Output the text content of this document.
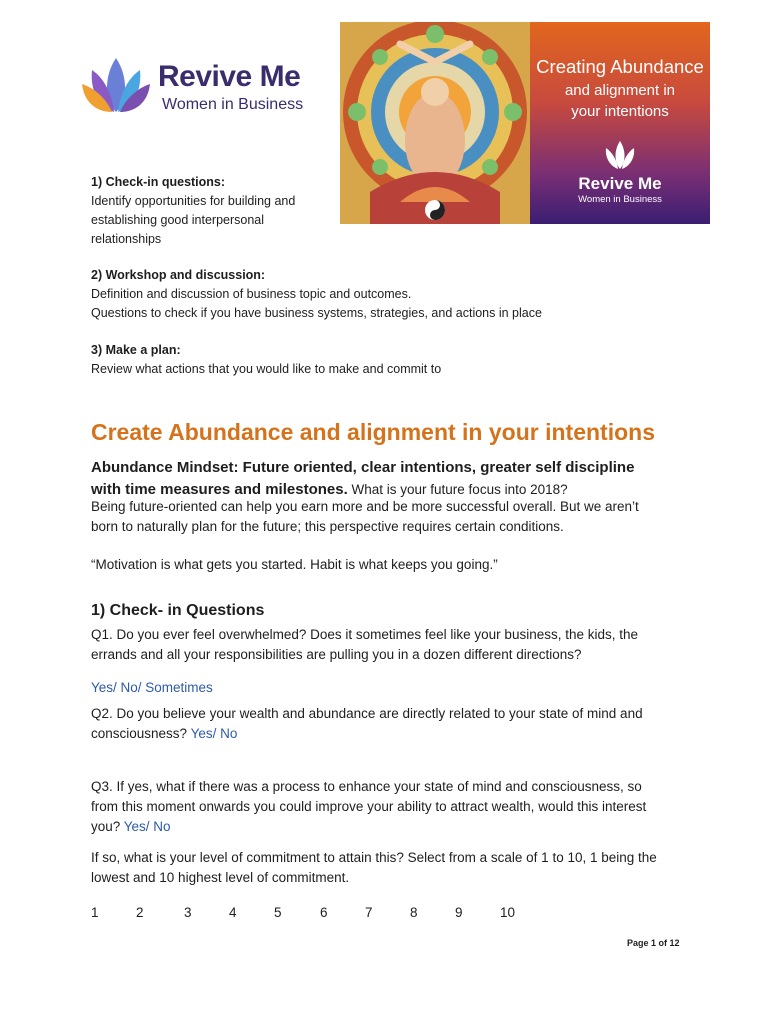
Revive Me
Women in Business
Creating Abundance
and alignment in
your intentions
Revive Me
Women in Business
1) Check-in questions:
Identify opportunities for building and
establishing good interpersonal
relationships
2) Workshop and discussion:
Definition and discussion of business topic and outcomes.
Questions to check if you have business systems, strategies, and actions in place
3) Make a plan:
Review what actions that you would like to make and commit to
Create Abundance and alignment in your intentions
Abundance Mindset: Future oriented, clear intentions, greater self discipline
with time measures and milestones. What is your future focus into 2018?
Being future-oriented can help you earn more and be more successful overall. But we aren’t
born to naturally plan for the future; this perspective requires certain conditions.
“Motivation is what gets you started. Habit is what keeps you going.”
1) Check- in Questions
Q1. Do you ever feel overwhelmed? Does it sometimes feel like your business, the kids, the
errands and all your responsibilities are pulling you in a dozen different directions?
Yes/ No/ Sometimes
Q2. Do you believe your wealth and abundance are directly related to your state of mind and
consciousness? Yes/ No
Q3. If yes, what if there was a process to enhance your state of mind and consciousness, so
from this moment onwards you could improve your ability to attract wealth, would this interest
you? Yes/ No
If so, what is your level of commitment to attain this? Select from a scale of 1 to 10, 1 being the
lowest and 10 highest level of commitment.
1	2	3	4	5	6	7	8	9	10
Page 1 of 12
